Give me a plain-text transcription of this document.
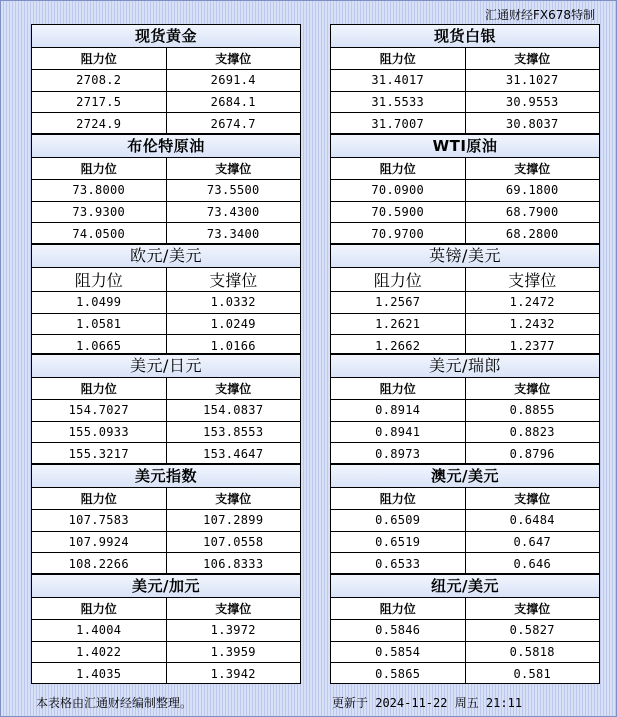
汇通财经FX678特制
现货黄金
阻力位	支撑位
2708.2	2691.4
2717.5	2684.1
2724.9	2674.7
布伦特原油
阻力位	支撑位
73.8000	73.5500
73.9300	73.4300
74.0500	73.3400
欧元/美元
阻力位	支撑位
1.0499	1.0332
1.0581	1.0249
1.0665	1.0166
美元/日元
阻力位	支撑位
154.7027	154.0837
155.0933	153.8553
155.3217	153.4647
美元指数
阻力位	支撑位
107.7583	107.2899
107.9924	107.0558
108.2266	106.8333
美元/加元
阻力位	支撑位
1.4004	1.3972
1.4022	1.3959
1.4035	1.3942
现货白银
阻力位	支撑位
31.4017	31.1027
31.5533	30.9553
31.7007	30.8037
WTI原油
阻力位	支撑位
70.0900	69.1800
70.5900	68.7900
70.9700	68.2800
英镑/美元
阻力位	支撑位
1.2567	1.2472
1.2621	1.2432
1.2662	1.2377
美元/瑞郎
阻力位	支撑位
0.8914	0.8855
0.8941	0.8823
0.8973	0.8796
澳元/美元
阻力位	支撑位
0.6509	0.6484
0.6519	0.647
0.6533	0.646
纽元/美元
阻力位	支撑位
0.5846	0.5827
0.5854	0.5818
0.5865	0.581
本表格由汇通财经编制整理。	更新于 2024-11-22 周五 21:11
